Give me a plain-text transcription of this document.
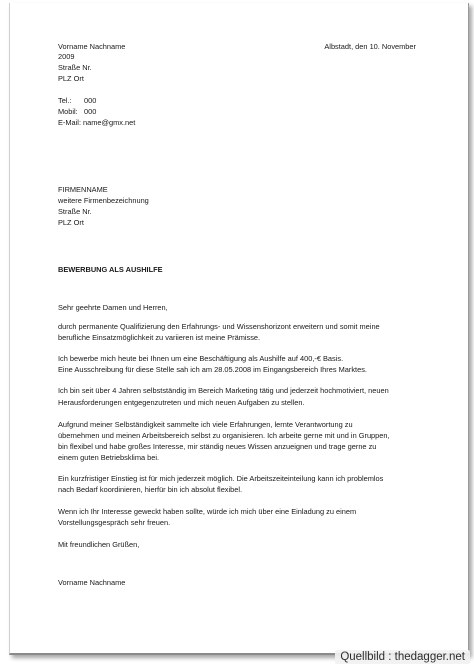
Vorname Nachname

2009

Straße Nr.

PLZ Ort

Tel.: 000

Mobil: 000

E-Mail: name@gmx.net

Albstadt, den 10. November

FIRMENNAME

weitere Firmenbezeichnung

Straße Nr.

PLZ Ort

BEWERBUNG ALS AUSHILFE

Sehr geehrte Damen und Herren,

durch permanente Qualifizierung den Erfahrungs- und Wissenshorizont erweitern und somit meine

berufliche Einsatzmöglichkeit zu variieren ist meine Prämisse.

Ich bewerbe mich heute bei Ihnen um eine Beschäftigung als Aushilfe auf 400,-€ Basis.

Eine Ausschreibung für diese Stelle sah ich am 28.05.2008 im Eingangsbereich Ihres Marktes.

Ich bin seit über 4 Jahren selbstständig im Bereich Marketing tätig und jederzeit hochmotiviert, neuen

Herausforderungen entgegenzutreten und mich neuen Aufgaben zu stellen.

Aufgrund meiner Selbständigkeit sammelte ich viele Erfahrungen, lernte Verantwortung zu

übernehmen und meinen Arbeitsbereich selbst zu organisieren. Ich arbeite gerne mit und in Gruppen,

bin flexibel und habe großes Interesse, mir ständig neues Wissen anzueignen und trage gerne zu

einem guten Betriebsklima bei.

Ein kurzfristiger Einstieg ist für mich jederzeit möglich. Die Arbeitszeiteinteilung kann ich problemlos

nach Bedarf koordinieren, hierfür bin ich absolut flexibel.

Wenn ich Ihr Interesse geweckt haben sollte, würde ich mich über eine Einladung zu einem

Vorstellungsgespräch sehr freuen.

Mit freundlichen Grüßen,

Vorname Nachname

Quellbild : thedagger.net
